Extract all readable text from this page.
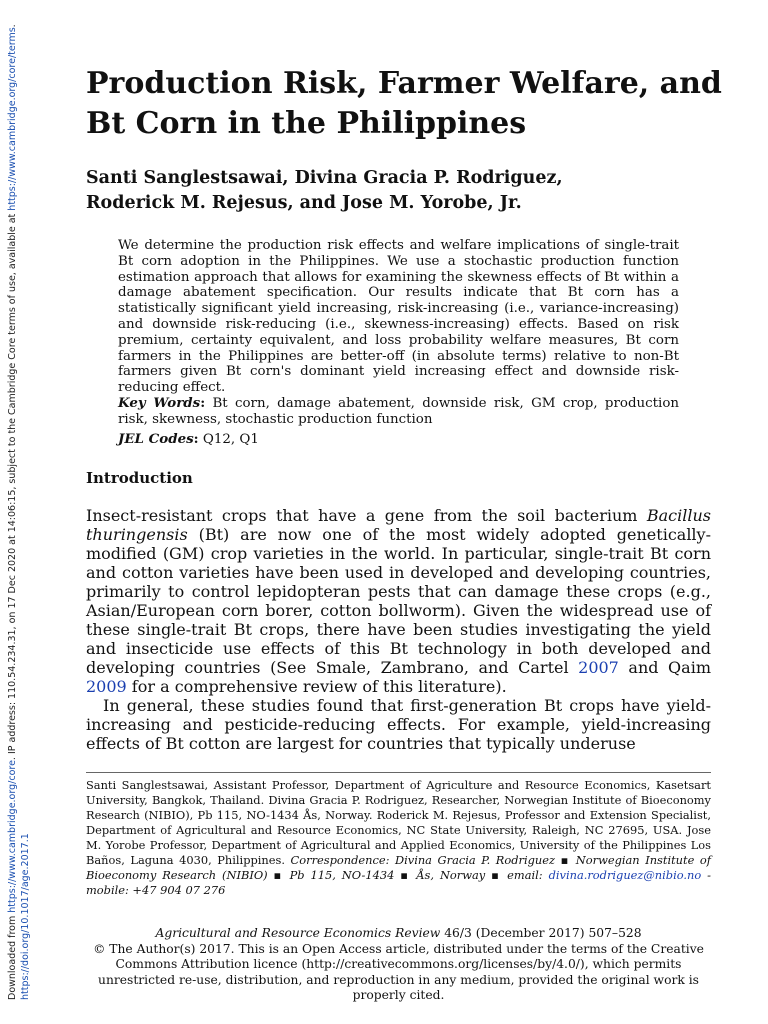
Downloaded from https://www.cambridge.org/core. IP address: 110.54.234.31, on 17 Dec 2020 at 14:06:15, subject to the Cambridge Core terms of use, available at https://www.cambridge.org/core/terms.
https://doi.org/10.1017/age.2017.1
Production Risk, Farmer Welfare, and Bt Corn in the Philippines
Santi Sanglestsawai, Divina Gracia P. Rodriguez,
Roderick M. Rejesus, and Jose M. Yorobe, Jr.
We determine the production risk effects and welfare implications of single-trait Bt corn adoption in the Philippines. We use a stochastic production function estimation approach that allows for examining the skewness effects of Bt within a damage abatement specification. Our results indicate that Bt corn has a statistically significant yield increasing, risk-increasing (i.e., variance-increasing) and downside risk-reducing (i.e., skewness-increasing) effects. Based on risk premium, certainty equivalent, and loss probability welfare measures, Bt corn farmers in the Philippines are better-off (in absolute terms) relative to non-Bt farmers given Bt corn's dominant yield increasing effect and downside risk-reducing effect.
Key Words: Bt corn, damage abatement, downside risk, GM crop, production risk, skewness, stochastic production function
JEL Codes: Q12, Q1
Introduction

Insect-resistant crops that have a gene from the soil bacterium Bacillus thuringensis (Bt) are now one of the most widely adopted genetically-modified (GM) crop varieties in the world. In particular, single-trait Bt corn and cotton varieties have been used in developed and developing countries, primarily to control lepidopteran pests that can damage these crops (e.g., Asian/European corn borer, cotton bollworm). Given the widespread use of these single-trait Bt crops, there have been studies investigating the yield and insecticide use effects of this Bt technology in both developed and developing countries (See Smale, Zambrano, and Cartel 2007 and Qaim 2009 for a comprehensive review of this literature).

In general, these studies found that first-generation Bt crops have yield-increasing and pesticide-reducing effects. For example, yield-increasing effects of Bt cotton are largest for countries that typically underuse

Santi Sanglestsawai, Assistant Professor, Department of Agriculture and Resource Economics, Kasetsart University, Bangkok, Thailand. Divina Gracia P. Rodriguez, Researcher, Norwegian Institute of Bioeconomy Research (NIBIO), Pb 115, NO-1434 Ås, Norway. Roderick M. Rejesus, Professor and Extension Specialist, Department of Agricultural and Resource Economics, NC State University, Raleigh, NC 27695, USA. Jose M. Yorobe Professor, Department of Agricultural and Applied Economics, University of the Philippines Los Baños, Laguna 4030, Philippines. Correspondence: Divina Gracia P. Rodriguez ▪ Norwegian Institute of Bioeconomy Research (NIBIO) ▪ Pb 115, NO-1434 ▪ Ås, Norway ▪ email: divina.rodriguez@nibio.no - mobile: +47 904 07 276
Agricultural and Resource Economics Review 46/3 (December 2017) 507–528
© The Author(s) 2017. This is an Open Access article, distributed under the terms of the Creative Commons Attribution licence (http://creativecommons.org/licenses/by/4.0/), which permits unrestricted re-use, distribution, and reproduction in any medium, provided the original work is properly cited.
